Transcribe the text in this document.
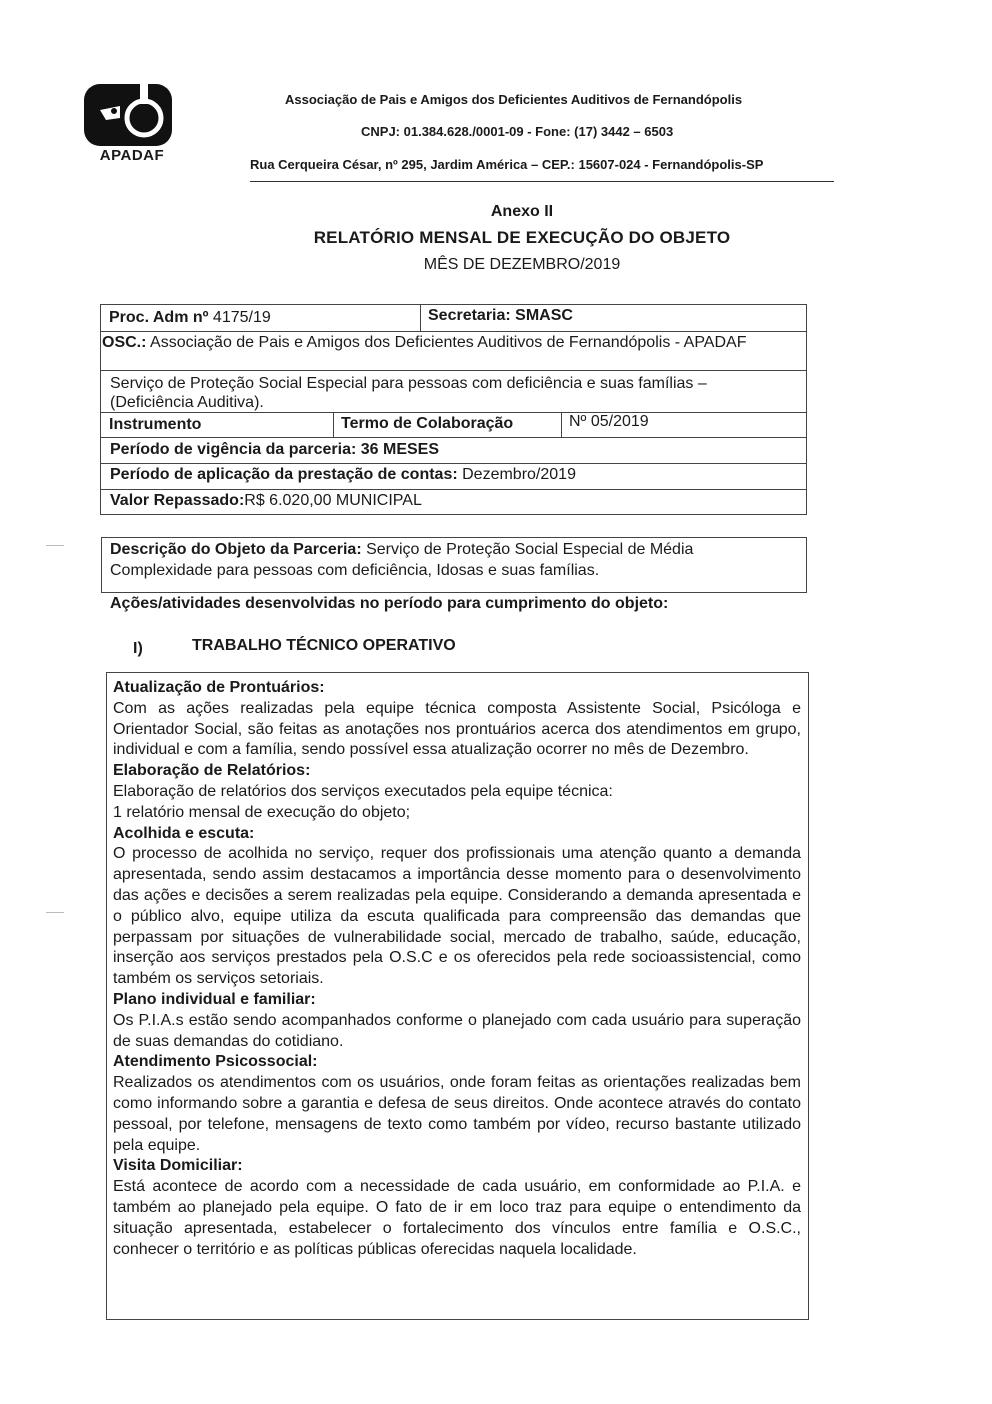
APADAF
Associação de Pais e Amigos dos Deficientes Auditivos de Fernandópolis
CNPJ: 01.384.628./0001-09 - Fone: (17) 3442 – 6503
Rua Cerqueira César, nº 295, Jardim América – CEP.: 15607-024 - Fernandópolis-SP
Anexo II
RELATÓRIO MENSAL DE EXECUÇÃO DO OBJETO
MÊS DE DEZEMBRO/2019
Proc. Adm nº 4175/19	Secretaria: SMASC
OSC.: Associação de Pais e Amigos dos Deficientes Auditivos de Fernandópolis - APADAF
Serviço de Proteção Social Especial para pessoas com deficiência e suas famílias – (Deficiência Auditiva).
Instrumento	Termo de Colaboração	Nº 05/2019
Período de vigência da parceria: 36 MESES
Período de aplicação da prestação de contas: Dezembro/2019
Valor Repassado:R$ 6.020,00 MUNICIPAL
Descrição do Objeto da Parceria: Serviço de Proteção Social Especial de Média Complexidade para pessoas com deficiência, Idosas e suas famílias.
Ações/atividades desenvolvidas no período para cumprimento do objeto:
I)	TRABALHO TÉCNICO OPERATIVO
Atualização de Prontuários:
Com as ações realizadas pela equipe técnica composta Assistente Social, Psicóloga e Orientador Social, são feitas as anotações nos prontuários acerca dos atendimentos em grupo, individual e com a família, sendo possível essa atualização ocorrer no mês de Dezembro.
Elaboração de Relatórios:
Elaboração de relatórios dos serviços executados pela equipe técnica:
1 relatório mensal de execução do objeto;
Acolhida e escuta:
O processo de acolhida no serviço, requer dos profissionais uma atenção quanto a demanda apresentada, sendo assim destacamos a importância desse momento para o desenvolvimento das ações e decisões a serem realizadas pela equipe. Considerando a demanda apresentada e o público alvo, equipe utiliza da escuta qualificada para compreensão das demandas que perpassam por situações de vulnerabilidade social, mercado de trabalho, saúde, educação, inserção aos serviços prestados pela O.S.C e os oferecidos pela rede socioassistencial, como também os serviços setoriais.
Plano individual e familiar:
Os P.I.A.s estão sendo acompanhados conforme o planejado com cada usuário para superação de suas demandas do cotidiano.
Atendimento Psicossocial:
Realizados os atendimentos com os usuários, onde foram feitas as orientações realizadas bem como informando sobre a garantia e defesa de seus direitos. Onde acontece através do contato pessoal, por telefone, mensagens de texto como também por vídeo, recurso bastante utilizado pela equipe.
Visita Domiciliar:
Está acontece de acordo com a necessidade de cada usuário, em conformidade ao P.I.A. e também ao planejado pela equipe. O fato de ir em loco traz para equipe o entendimento da situação apresentada, estabelecer o fortalecimento dos vínculos entre família e O.S.C., conhecer o território e as políticas públicas oferecidas naquela localidade.
